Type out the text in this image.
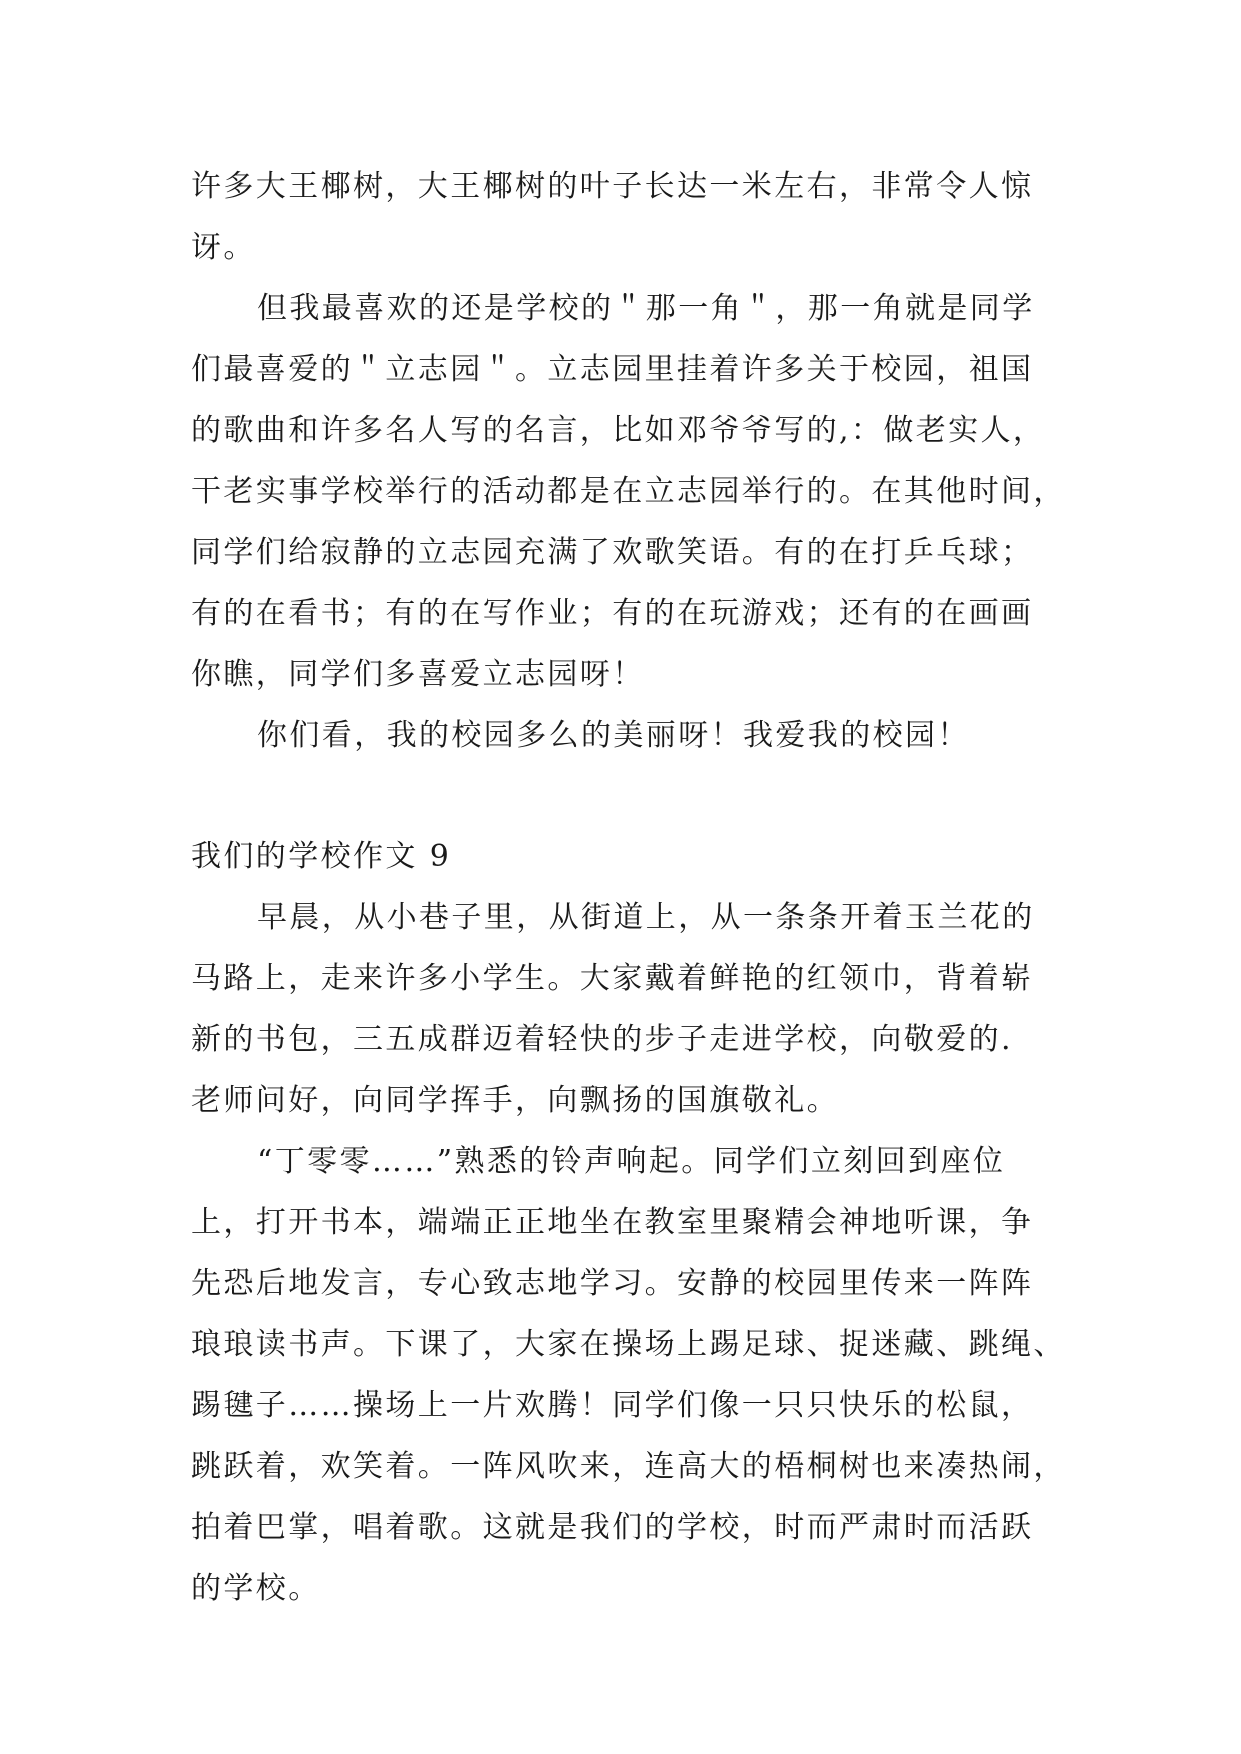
许多大王椰树，大王椰树的叶子长达一米左右，非常令人惊
讶。
但我最喜欢的还是学校的＂那一角＂，那一角就是同学
们最喜爱的＂立志园＂。立志园里挂着许多关于校园，祖国
的歌曲和许多名人写的名言，比如邓爷爷写的,：做老实人，
干老实事学校举行的活动都是在立志园举行的。在其他时间，
同学们给寂静的立志园充满了欢歌笑语。有的在打乒乓球；
有的在看书；有的在写作业；有的在玩游戏；还有的在画画
你瞧，同学们多喜爱立志园呀！
你们看，我的校园多么的美丽呀！我爱我的校园！
我们的学校作文 9
早晨，从小巷子里，从街道上，从一条条开着玉兰花的
马路上，走来许多小学生。大家戴着鲜艳的红领巾，背着崭
新的书包，三五成群迈着轻快的步子走进学校，向敬爱的.
老师问好，向同学挥手，向飘扬的国旗敬礼。
“丁零零……”熟悉的铃声响起。同学们立刻回到座位
上，打开书本，端端正正地坐在教室里聚精会神地听课，争
先恐后地发言，专心致志地学习。安静的校园里传来一阵阵
琅琅读书声。下课了，大家在操场上踢足球、捉迷藏、跳绳、
踢毽子……操场上一片欢腾！同学们像一只只快乐的松鼠，
跳跃着，欢笑着。一阵风吹来，连高大的梧桐树也来凑热闹，
拍着巴掌，唱着歌。这就是我们的学校，时而严肃时而活跃
的学校。
